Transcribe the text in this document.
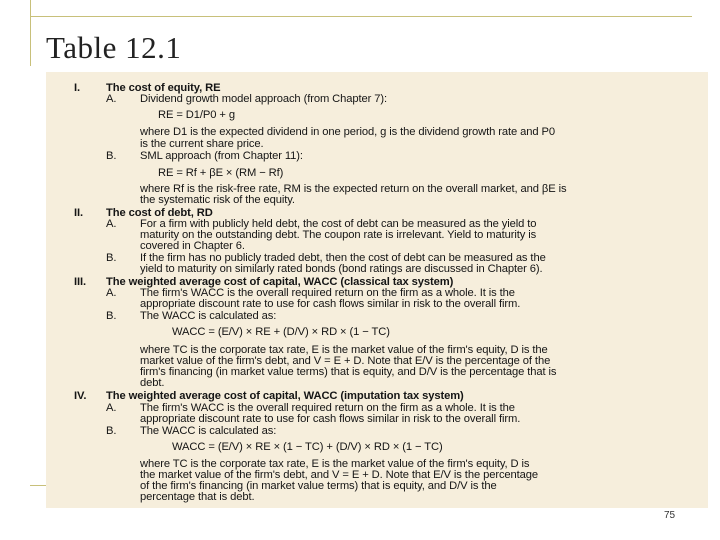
Table 12.1
I. The cost of equity, RE
A. Dividend growth model approach (from Chapter 7):
RE = D1/P0 + g
where D1 is the expected dividend in one period, g is the dividend growth rate and P0
is the current share price.
B. SML approach (from Chapter 11):
RE = Rf + βE × (RM − Rf)
where Rf is the risk-free rate, RM is the expected return on the overall market, and βE is
the systematic risk of the equity.
II. The cost of debt, RD
A. For a firm with publicly held debt, the cost of debt can be measured as the yield to
maturity on the outstanding debt. The coupon rate is irrelevant. Yield to maturity is
covered in Chapter 6.
B. If the firm has no publicly traded debt, then the cost of debt can be measured as the
yield to maturity on similarly rated bonds (bond ratings are discussed in Chapter 6).
III. The weighted average cost of capital, WACC (classical tax system)
A. The firm's WACC is the overall required return on the firm as a whole. It is the
appropriate discount rate to use for cash flows similar in risk to the overall firm.
B. The WACC is calculated as:
WACC = (E/V) × RE + (D/V) × RD × (1 − TC)
where TC is the corporate tax rate, E is the market value of the firm's equity, D is the
market value of the firm's debt, and V = E + D. Note that E/V is the percentage of the
firm's financing (in market value terms) that is equity, and D/V is the percentage that is
debt.
IV. The weighted average cost of capital, WACC (imputation tax system)
A. The firm's WACC is the overall required return on the firm as a whole. It is the
appropriate discount rate to use for cash flows similar in risk to the overall firm.
B. The WACC is calculated as:
WACC = (E/V) × RE × (1 − TC) + (D/V) × RD × (1 − TC)
where TC is the corporate tax rate, E is the market value of the firm's equity, D is
the market value of the firm's debt, and V = E + D. Note that E/V is the percentage
of the firm's financing (in market value terms) that is equity, and D/V is the
percentage that is debt.
75
